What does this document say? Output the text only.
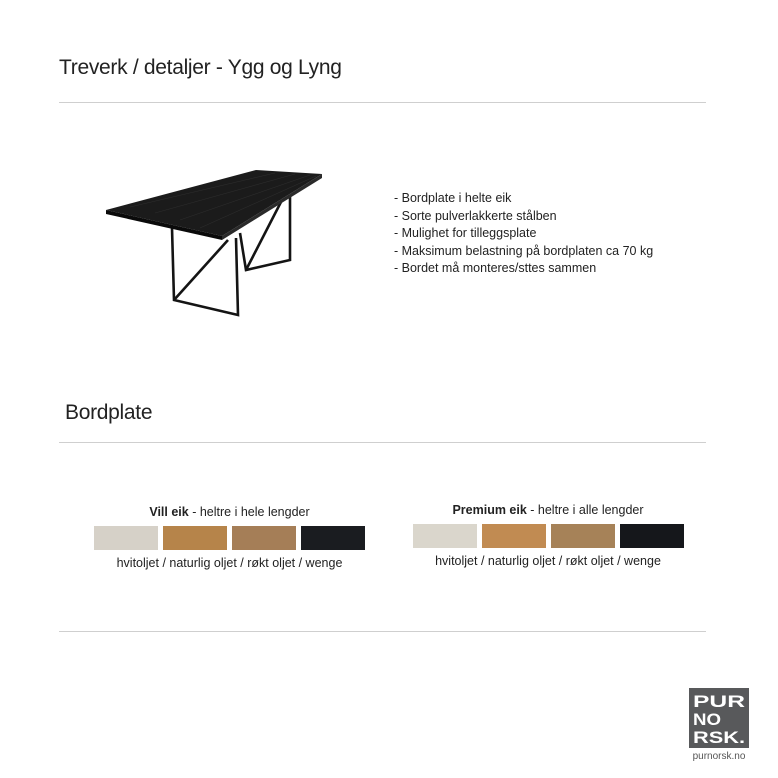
Treverk / detaljer - Ygg og Lyng
- Bordplate i helte eik
- Sorte pulverlakkerte stålben
- Mulighet for tilleggsplate
- Maksimum belastning på bordplaten ca 70 kg
- Bordet må monteres/sttes sammen
Bordplate
Vill eik - heltre i hele lengder
hvitoljet / naturlig oljet / røkt oljet / wenge
Premium eik - heltre i alle lengder
hvitoljet / naturlig oljet / røkt oljet / wenge
PUR
NO
RSK.
purnorsk.no
